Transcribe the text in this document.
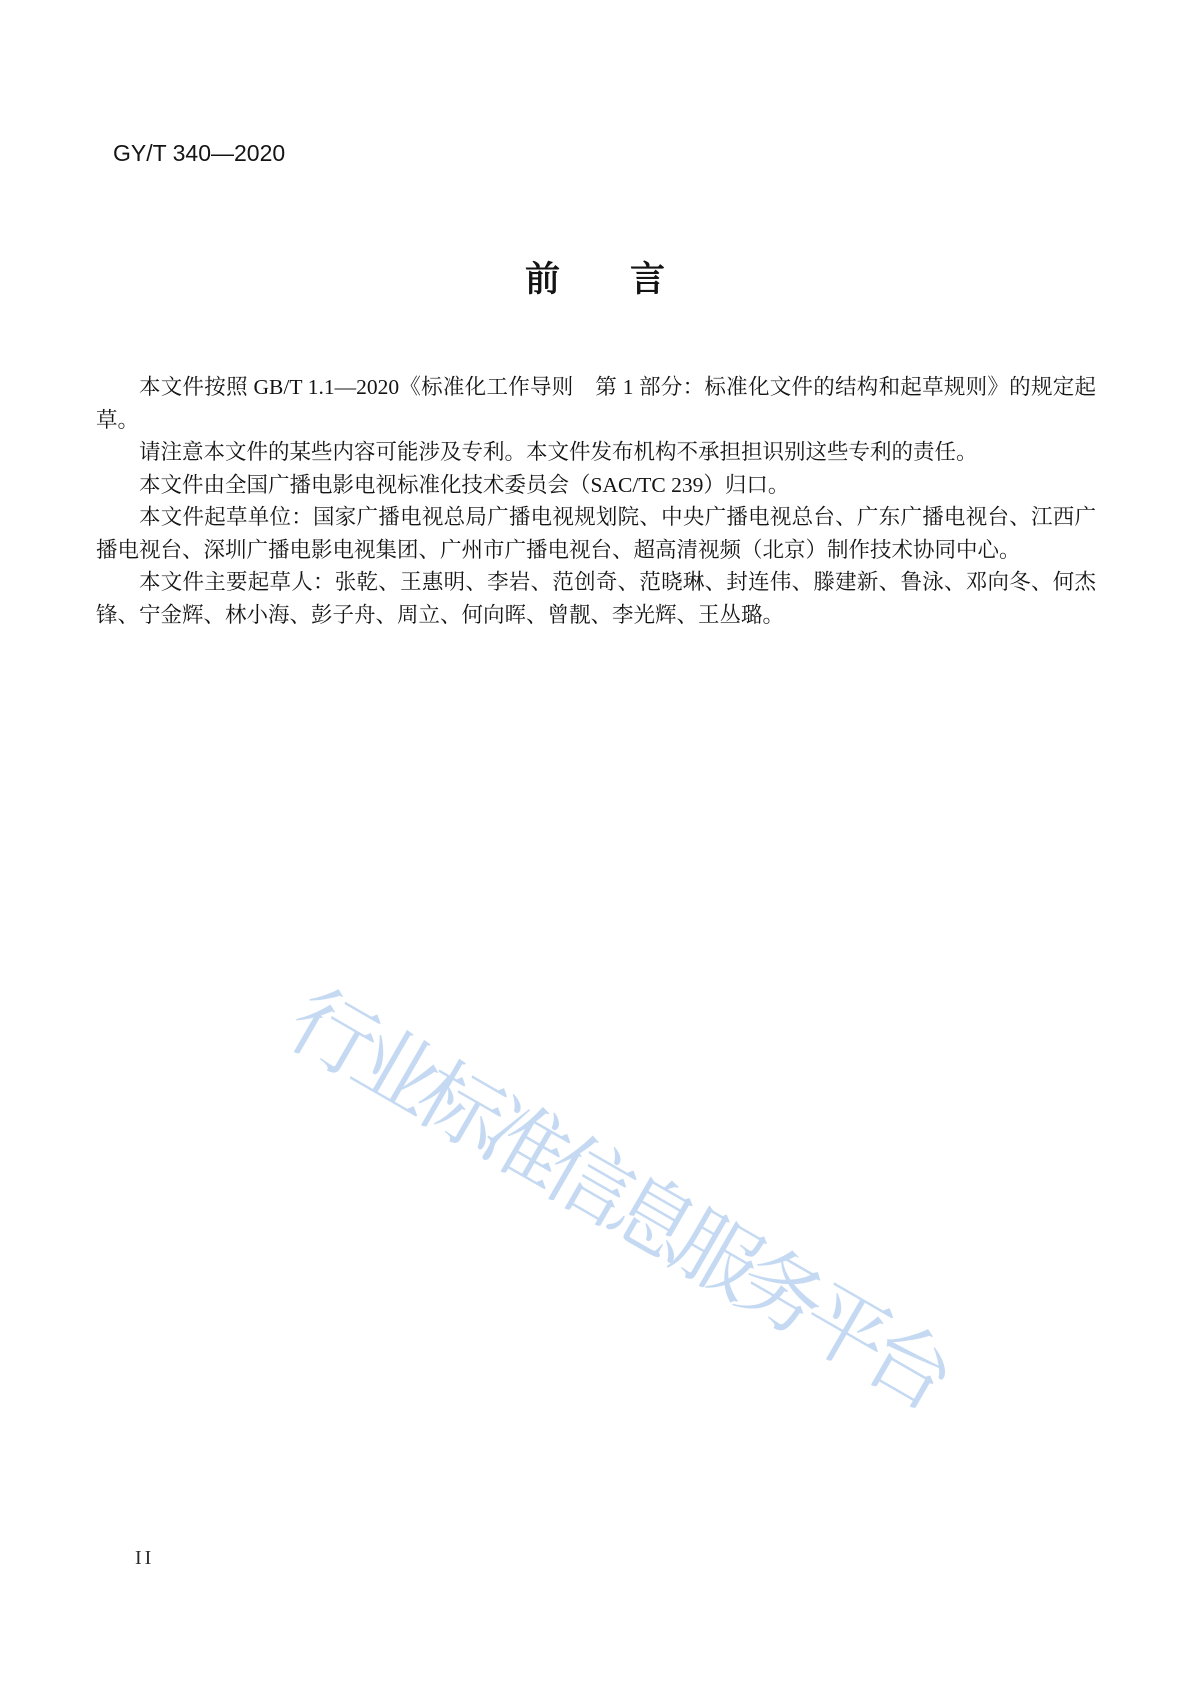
GY/T 340—2020
前　　言

本文件按照 GB/T 1.1—2020《标准化工作导则　第 1 部分：标准化文件的结构和起草规则》的规定起草。

请注意本文件的某些内容可能涉及专利。本文件发布机构不承担担识别这些专利的责任。

本文件由全国广播电影电视标准化技术委员会（SAC/TC 239）归口。

本文件起草单位：国家广播电视总局广播电视规划院、中央广播电视总台、广东广播电视台、江西广播电视台、深圳广播电影电视集团、广州市广播电视台、超高清视频（北京）制作技术协同中心。

本文件主要起草人：张乾、王惠明、李岩、范创奇、范晓琳、封连伟、滕建新、鲁泳、邓向冬、何杰锋、宁金辉、林小海、彭子舟、周立、何向晖、曾靓、李光辉、王丛璐。

行业标准信息服务平台
II
